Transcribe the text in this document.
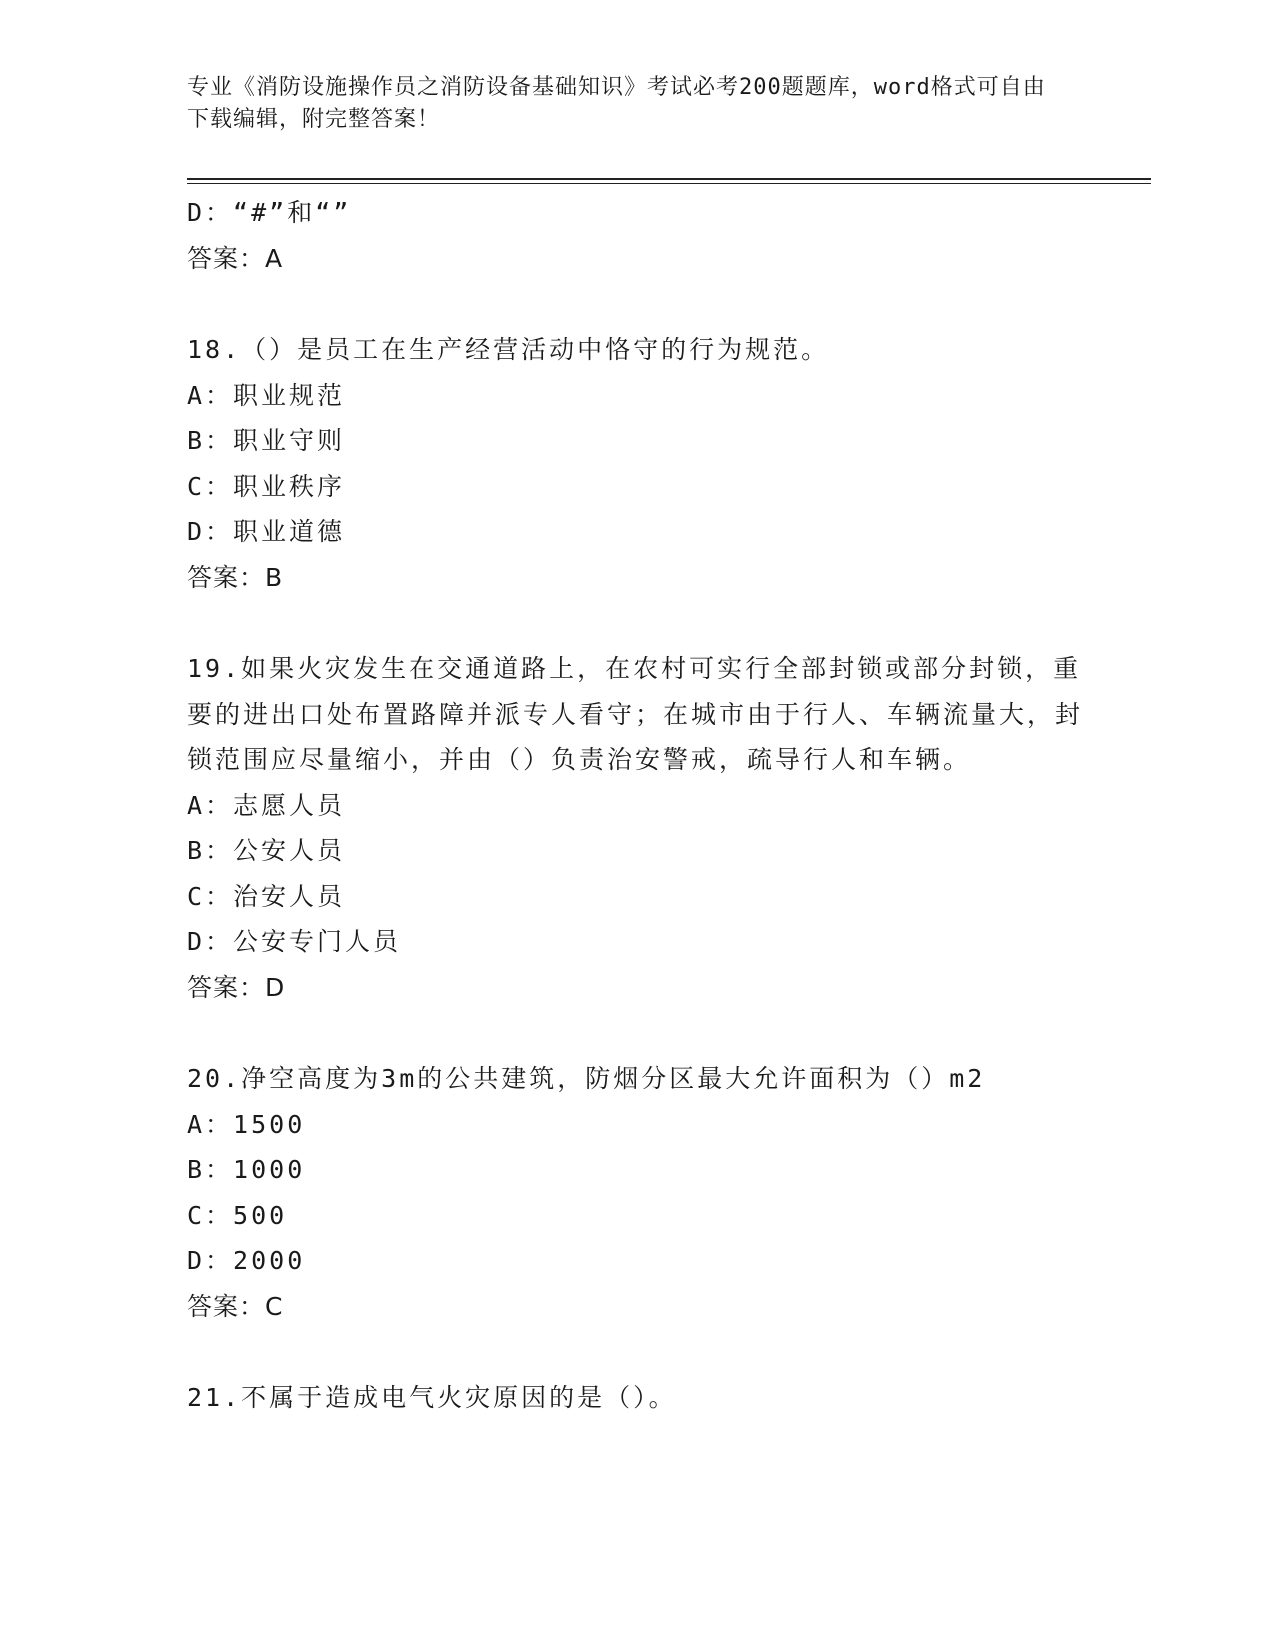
专业《消防设施操作员之消防设备基础知识》考试必考200题题库，word格式可自由下载编辑，附完整答案！
D：“#”和“”
答案：A
18.（）是员工在生产经营活动中恪守的行为规范。
A：职业规范
B：职业守则
C：职业秩序
D：职业道德
答案：B
19.如果火灾发生在交通道路上，在农村可实行全部封锁或部分封锁，重要的进出口处布置路障并派专人看守；在城市由于行人、车辆流量大，封锁范围应尽量缩小，并由（）负责治安警戒，疏导行人和车辆。
A：志愿人员
B：公安人员
C：治安人员
D：公安专门人员
答案：D
20.净空高度为3m的公共建筑，防烟分区最大允许面积为（）m2
A：1500
B：1000
C：500
D：2000
答案：C
21.不属于造成电气火灾原因的是（）。
